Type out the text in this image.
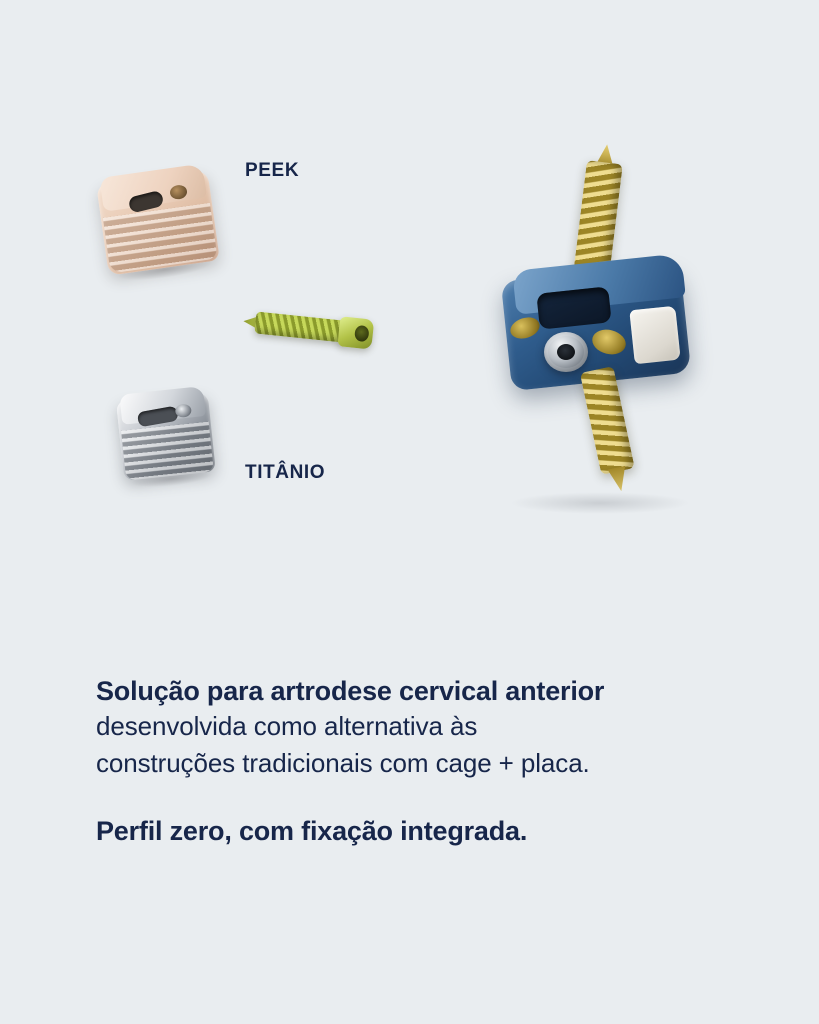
PEEK
TITÂNIO
Solução para artrodese cervical anterior
desenvolvida como alternativa às
construções tradicionais com cage + placa.
Perfil zero, com fixação integrada.
